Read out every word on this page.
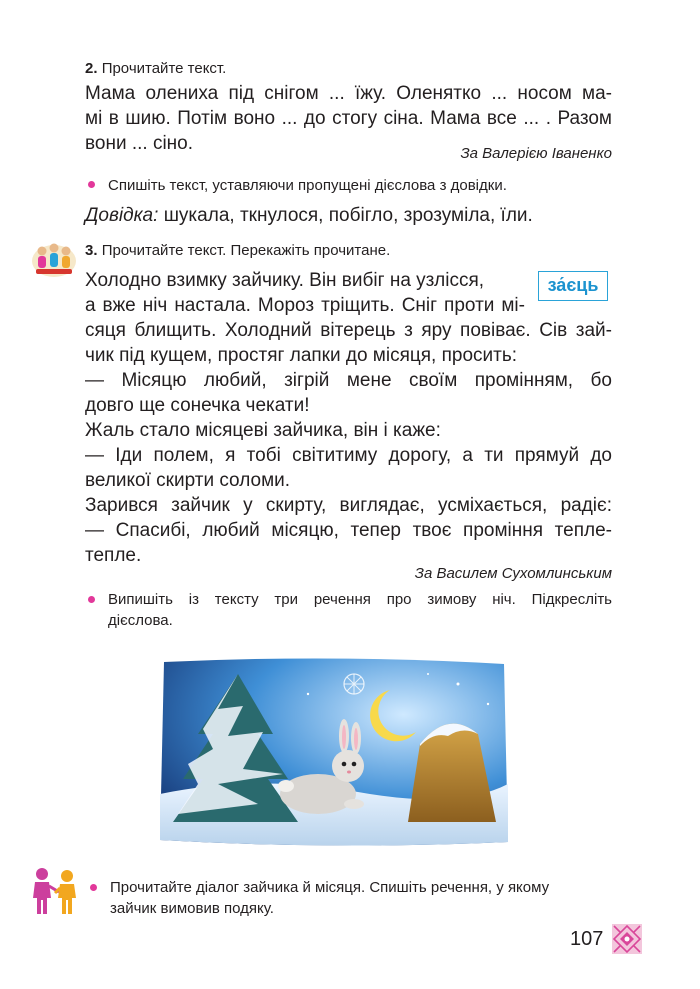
2. Прочитайте текст.
Мама олениха під снігом ... їжу. Оленятко ... носом ма-
мі в шию. Потім воно ... до стогу сіна. Мама все ... . Разом
вони ... сіно.	За Валерією Іваненко
Спишіть текст, уставляючи пропущені дієслова з довідки.
Довідка: шукала, ткнулося, побігло, зрозуміла, їли.
3. Прочитайте текст. Перекажіть прочитане.
за́єць
Холодно взимку зайчику. Він вибіг на узлісся,
а вже ніч настала. Мороз тріщить. Сніг проти мі-
сяця блищить. Холодний вітерець з яру повіває. Сів зай-
чик під кущем, простяг лапки до місяця, просить:
— Місяцю любий, зігрій мене своїм промінням, бо
довго ще сонечка чекати!
Жаль стало місяцеві зайчика, він і каже:
— Іди полем, я тобі світитиму дорогу, а ти прямуй до
великої скирти соломи.
Зарився зайчик у скирту, виглядає, усміхається, радіє:
— Спасибі, любий місяцю, тепер твоє проміння тепле-
тепле.
За Василем Сухомлинським
Випишіть із тексту три речення про зимову ніч. Підкресліть
дієслова.
Прочитайте діалог зайчика й місяця. Спишіть речення, у якому
зайчик вимовив подяку.
107
